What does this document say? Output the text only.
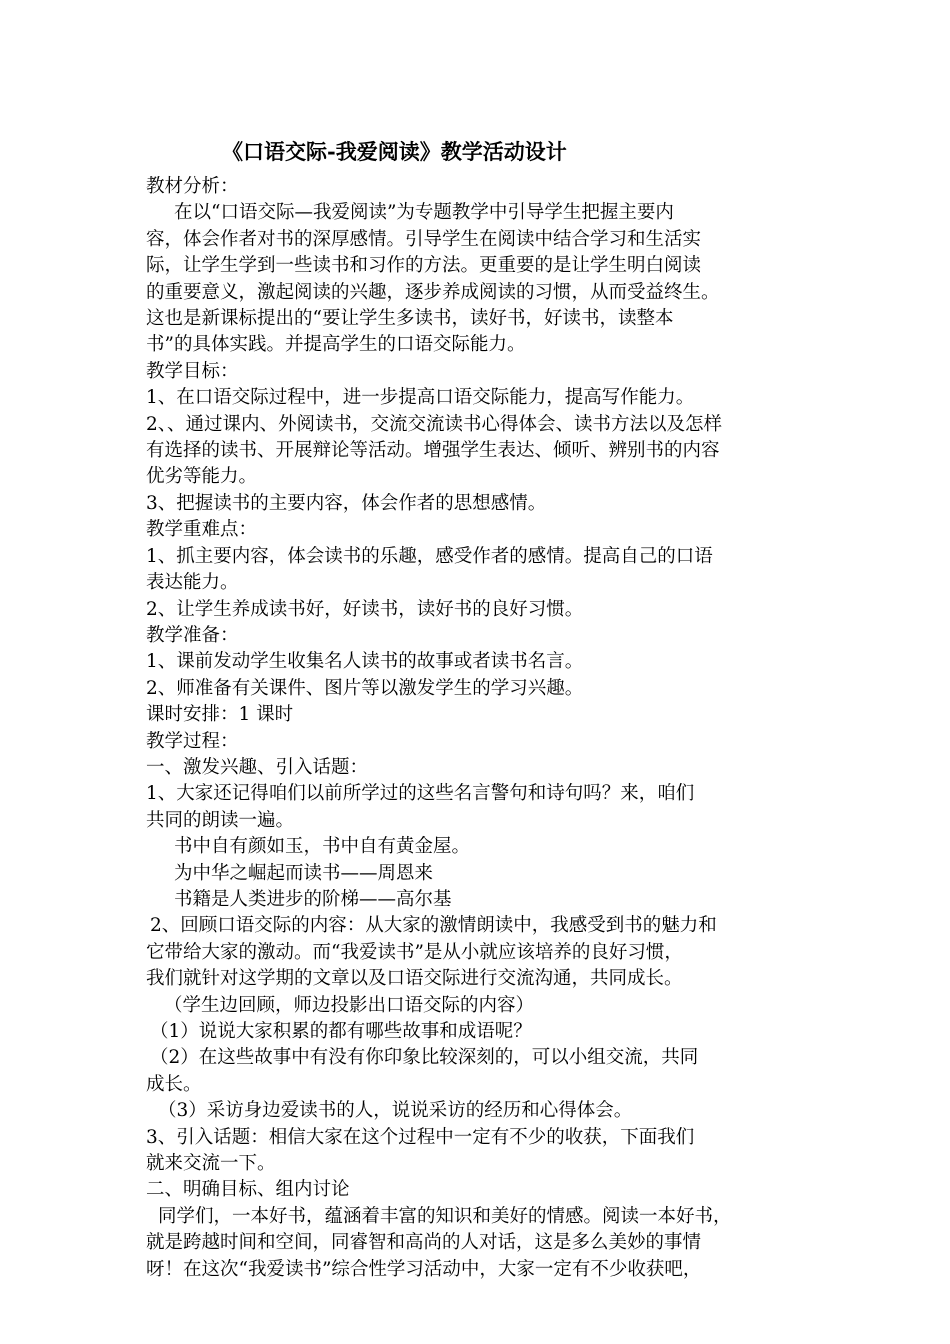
《口语交际-我爱阅读》教学活动设计
教材分析：
在以“口语交际—我爱阅读”为专题教学中引导学生把握主要内
容，体会作者对书的深厚感情。引导学生在阅读中结合学习和生活实
际，让学生学到一些读书和习作的方法。更重要的是让学生明白阅读
的重要意义，激起阅读的兴趣，逐步养成阅读的习惯，从而受益终生。
这也是新课标提出的“要让学生多读书，读好书，好读书，读整本
书”的具体实践。并提高学生的口语交际能力。
教学目标：
1、在口语交际过程中，进一步提高口语交际能力，提高写作能力。
2、、通过课内、外阅读书，交流交流读书心得体会、读书方法以及怎样
有选择的读书、开展辩论等活动。增强学生表达、倾听、辨别书的内容
优劣等能力。
3、把握读书的主要内容，体会作者的思想感情。
教学重难点：
1、抓主要内容，体会读书的乐趣，感受作者的感情。提高自己的口语
表达能力。
2、让学生养成读书好，好读书，读好书的良好习惯。
教学准备：
1、课前发动学生收集名人读书的故事或者读书名言。
2、师准备有关课件、图片等以激发学生的学习兴趣。
课时安排：1 课时
教学过程：
一、激发兴趣、引入话题：
1、大家还记得咱们以前所学过的这些名言警句和诗句吗？来，咱们
共同的朗读一遍。
书中自有颜如玉，书中自有黄金屋。
为中华之崛起而读书——周恩来
书籍是人类进步的阶梯——高尔基
2、回顾口语交际的内容：从大家的激情朗读中，我感受到书的魅力和
它带给大家的激动。而“我爱读书”是从小就应该培养的良好习惯，
我们就针对这学期的文章以及口语交际进行交流沟通，共同成长。
（学生边回顾，师边投影出口语交际的内容）
（1）说说大家积累的都有哪些故事和成语呢？
（2）在这些故事中有没有你印象比较深刻的，可以小组交流，共同
成长。
（3）采访身边爱读书的人，说说采访的经历和心得体会。
3、引入话题：相信大家在这个过程中一定有不少的收获，下面我们
就来交流一下。
二、明确目标、组内讨论
同学们，一本好书，蕴涵着丰富的知识和美好的情感。阅读一本好书，
就是跨越时间和空间，同睿智和高尚的人对话，这是多么美妙的事情
呀！在这次“我爱读书”综合性学习活动中，大家一定有不少收获吧，
